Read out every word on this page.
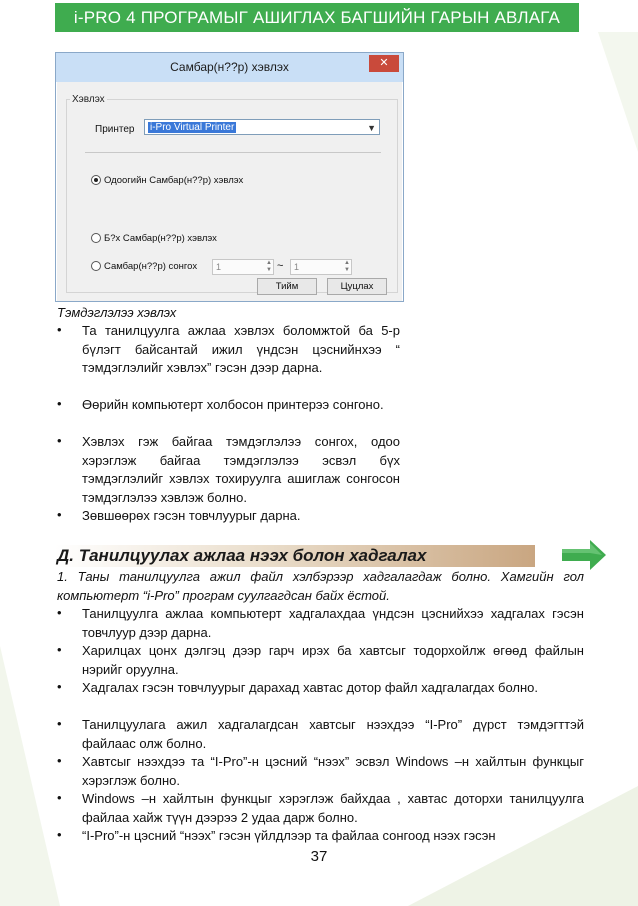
i-PRO 4 ПРОГРАМЫГ АШИГЛАХ БАГШИЙН ГАРЫН АВЛАГА
Самбар(н??р) хэвлэх	✕
Хэвлэх
Принтер	i-Pro Virtual Printer	▼
Одоогийн Самбар(н??р) хэвлэх
Б?х Самбар(н??р) хэвлэх
Самбар(н??р) сонгох	1	▲
▼ ~	1	▲
▼
Тийм	Цуцлах
Тэмдэглэлээ хэвлэх
• Та танилцуулга ажлаа хэвлэх боломжтой ба 5-р бүлэгт байсантай ижил үндсэн цэснийнхээ “ тэмдэглэлийг хэвлэх” гэсэн дээр дарна.
• Өөрийн компьютерт холбосон принтерээ сонгоно.
• Хэвлэх гэж байгаа тэмдэглэлээ сонгох, одоо хэрэглэж байгаа тэмдэглэлээ эсвэл бүх тэмдэглэлийг хэвлэх тохируулга ашиглаж сонгосон тэмдэглэлээ хэвлэж болно.
• Зөвшөөрөх гэсэн товчлуурыг дарна.
Д. Танилцуулах ажлаа нээх болон хадгалах
1. Таны танилцуулга ажил файл хэлбэрээр хадгалагдаж болно. Хамгийн гол компьютерт “i-Pro” програм суулгагдсан байх ёстой.
• Танилцуулга ажлаа компьютерт хадгалахдаа үндсэн цэснийхээ хадгалах гэсэн товчлуур дээр дарна.
• Харилцах цонх дэлгэц дээр гарч ирэх ба хавтсыг тодорхойлж өгөөд файлын нэрийг оруулна.
• Хадгалах гэсэн товчлуурыг дарахад хавтас дотор файл хадгалагдах болно.
• Танилцуулагa ажил хадгалагдсан хавтсыг нээхдээ “I-Pro” дүрст тэмдэгттэй файлаас олж болно.
• Хавтсыг нээхдээ та “I-Pro”-н цэсний “нээх” эсвэл Windows –н хайлтын функцыг хэрэглэж болно.
• Windows –н хайлтын функцыг хэрэглэж байхдаа , хавтас доторхи танилцуулга файлаа хайж түүн дээрээ 2 удаа дарж болно.
• “I-Pro”-н цэсний “нээх” гэсэн үйлдлээр та файлаа сонгоод нээх гэсэн
37
